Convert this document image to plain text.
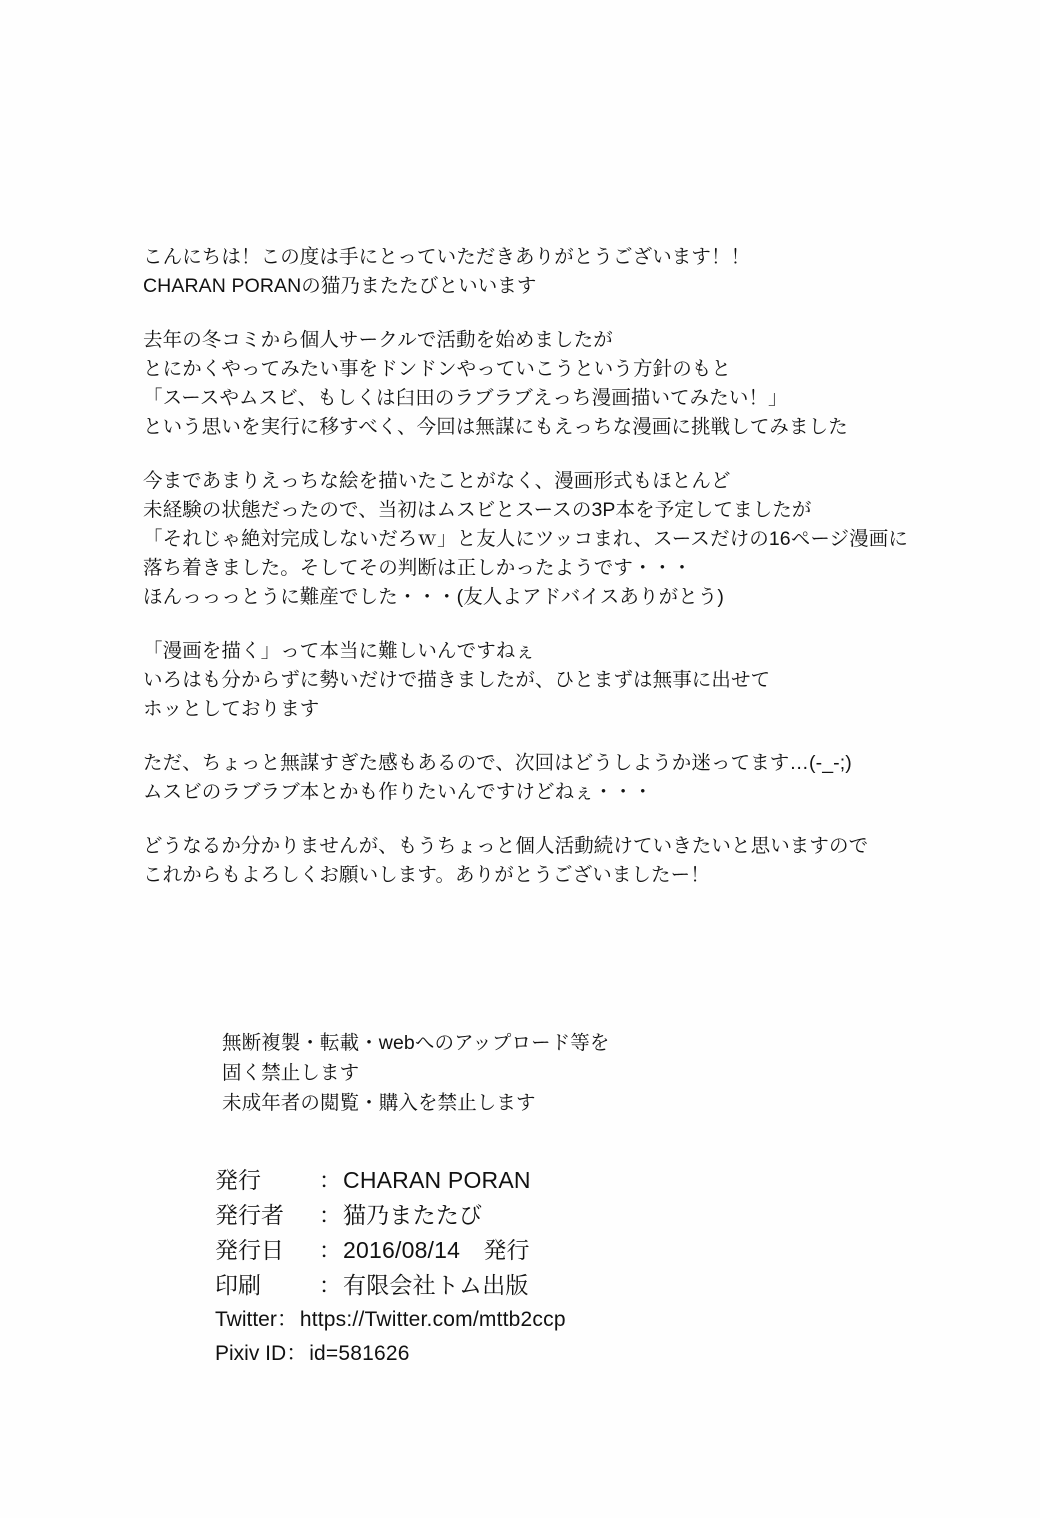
こんにちは！この度は手にとっていただきありがとうございます！！
CHARAN PORANの猫乃またたびといいます
去年の冬コミから個人サークルで活動を始めましたが
とにかくやってみたい事をドンドンやっていこうという方針のもと
「スースやムスビ、もしくは臼田のラブラブえっち漫画描いてみたい！」
という思いを実行に移すべく、今回は無謀にもえっちな漫画に挑戦してみました
今まであまりえっちな絵を描いたことがなく、漫画形式もほとんど
未経験の状態だったので、当初はムスビとスースの3P本を予定してましたが
「それじゃ絶対完成しないだろｗ」と友人にツッコまれ、スースだけの16ページ漫画に
落ち着きました。そしてその判断は正しかったようです・・・
ほんっっっとうに難産でした・・・(友人よアドバイスありがとう)
「漫画を描く」って本当に難しいんですねぇ
いろはも分からずに勢いだけで描きましたが、ひとまずは無事に出せて
ホッとしております
ただ、ちょっと無謀すぎた感もあるので、次回はどうしようか迷ってます…(-_-;)
ムスビのラブラブ本とかも作りたいんですけどねぇ・・・
どうなるか分かりませんが、もうちょっと個人活動続けていきたいと思いますので
これからもよろしくお願いします。ありがとうございましたー！
無断複製・転載・webへのアップロード等を
固く禁止します
未成年者の閲覧・購入を禁止します
発行	： CHARAN PORAN
発行者	： 猫乃またたび
発行日	： 2016/08/14　発行
印刷	： 有限会社トム出版
Twitter ： https://Twitter.com/mttb2ccp
Pixiv ID ： id=581626
